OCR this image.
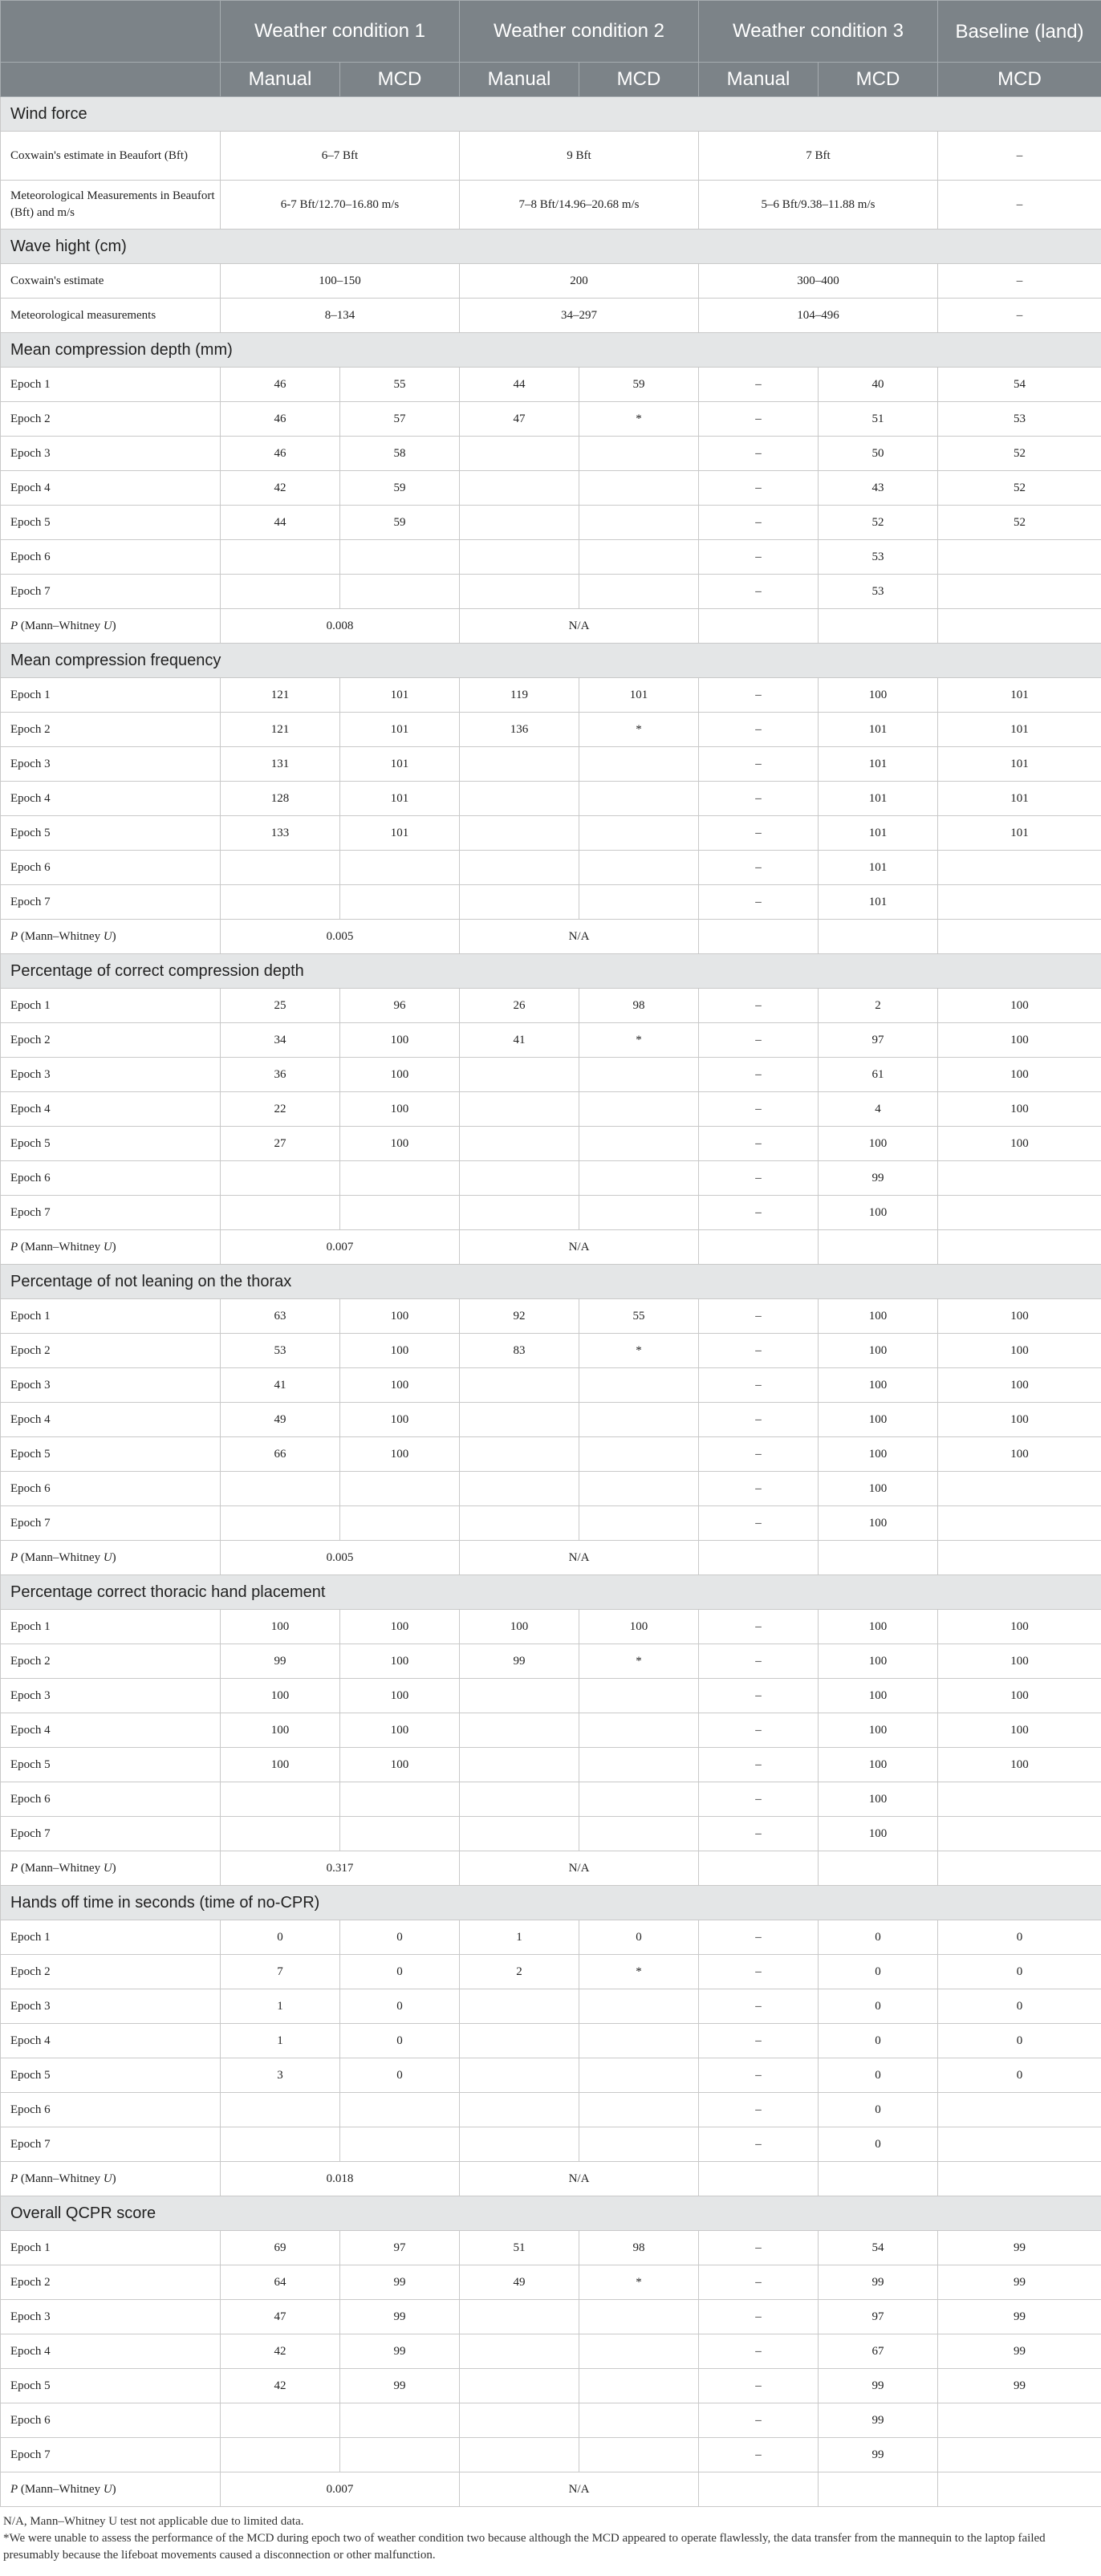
	Weather condition 1		Weather condition 2		Weather condition 3		Baseline (land)
	Manual	MCD	Manual	MCD	Manual	MCD	MCD
Wind force							
Coxwain's estimate in Beaufort (Bft)	6–7 Bft		9 Bft		7 Bft		–
Meteorological Measurements in Beaufort (Bft) and m/s	6-7 Bft/12.70–16.80 m/s		7–8 Bft/14.96–20.68 m/s		5–6 Bft/9.38–11.88 m/s		–
Wave hight (cm)							
Coxwain's estimate	100–150		200		300–400		–
Meteorological measurements	8–134		34–297		104–496		–
Mean compression depth (mm)							
Epoch 1	46	55	44	59	–	40	54
Epoch 2	46	57	47	*	–	51	53
Epoch 3	46	58			–	50	52
Epoch 4	42	59			–	43	52
Epoch 5	44	59			–	52	52
Epoch 6					–	53	
Epoch 7					–	53	
P (Mann–Whitney U)	0.008		N/A				
Mean compression frequency							
Epoch 1	121	101	119	101	–	100	101
Epoch 2	121	101	136	*	–	101	101
Epoch 3	131	101			–	101	101
Epoch 4	128	101			–	101	101
Epoch 5	133	101			–	101	101
Epoch 6					–	101	
Epoch 7					–	101	
P (Mann–Whitney U)	0.005		N/A				
Percentage of correct compression depth							
Epoch 1	25	96	26	98	–	2	100
Epoch 2	34	100	41	*	–	97	100
Epoch 3	36	100			–	61	100
Epoch 4	22	100			–	4	100
Epoch 5	27	100			–	100	100
Epoch 6					–	99	
Epoch 7					–	100	
P (Mann–Whitney U)	0.007		N/A				
Percentage of not leaning on the thorax							
Epoch 1	63	100	92	55	–	100	100
Epoch 2	53	100	83	*	–	100	100
Epoch 3	41	100			–	100	100
Epoch 4	49	100			–	100	100
Epoch 5	66	100			–	100	100
Epoch 6					–	100	
Epoch 7					–	100	
P (Mann–Whitney U)	0.005		N/A				
Percentage correct thoracic hand placement							
Epoch 1	100	100	100	100	–	100	100
Epoch 2	99	100	99	*	–	100	100
Epoch 3	100	100			–	100	100
Epoch 4	100	100			–	100	100
Epoch 5	100	100			–	100	100
Epoch 6					–	100	
Epoch 7					–	100	
P (Mann–Whitney U)	0.317		N/A				
Hands off time in seconds (time of no-CPR)							
Epoch 1	0	0	1	0	–	0	0
Epoch 2	7	0	2	*	–	0	0
Epoch 3	1	0			–	0	0
Epoch 4	1	0			–	0	0
Epoch 5	3	0			–	0	0
Epoch 6					–	0	
Epoch 7					–	0	
P (Mann–Whitney U)	0.018		N/A				
Overall QCPR score							
Epoch 1	69	97	51	98	–	54	99
Epoch 2	64	99	49	*	–	99	99
Epoch 3	47	99			–	97	99
Epoch 4	42	99			–	67	99
Epoch 5	42	99			–	99	99
Epoch 6					–	99	
Epoch 7					–	99	
P (Mann–Whitney U)	0.007		N/A				
N/A, Mann–Whitney U test not applicable due to limited data.
*We were unable to assess the performance of the MCD during epoch two of weather condition two because although the MCD appeared to operate flawlessly, the data transfer from the mannequin to the laptop failed presumably because the lifeboat movements caused a disconnection or other malfunction.
